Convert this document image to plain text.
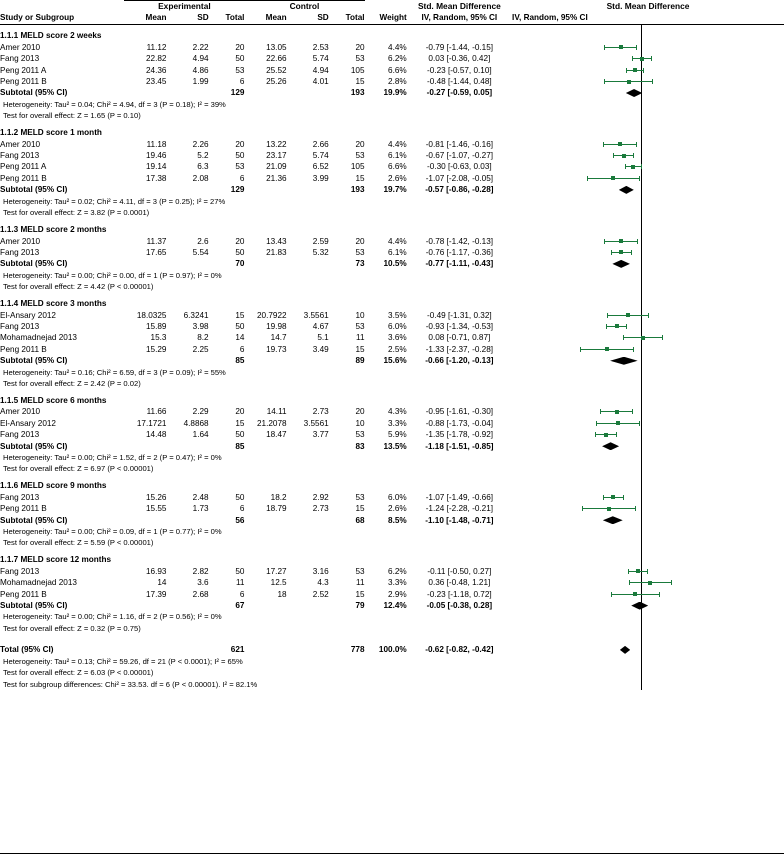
	Experimental			Control				Std. Mean Difference	Std. Mean Difference
Study or Subgroup	Mean	SD	Total	Mean	SD	Total	Weight	IV, Random, 95% CI	IV, Random, 95% CI
1.1.1 MELD score 2 weeks									

Amer 2010	11.12	2.22	20	13.05	2.53	20	4.4%	-0.79 [-1.44, -0.15]	

Fang 2013	22.82	4.94	50	22.66	5.74	53	6.2%	0.03 [-0.36, 0.42]	

Peng 2011 A	24.36	4.86	53	25.52	4.94	105	6.6%	-0.23 [-0.57, 0.10]	

Peng 2011 B	23.45	1.99	6	25.26	4.01	15	2.8%	-0.48 [-1.44, 0.48]	

Subtotal (95% CI)			129			193	19.9%	-0.27 [-0.59, 0.05]	

Heterogeneity: Tau² = 0.04; Chi² = 4.94, df = 3 (P = 0.18); I² = 39%									

Test for overall effect: Z = 1.65 (P = 0.10)									

1.1.2 MELD score 1 month									

Amer 2010	11.18	2.26	20	13.22	2.66	20	4.4%	-0.81 [-1.46, -0.16]	

Fang 2013	19.46	5.2	50	23.17	5.74	53	6.1%	-0.67 [-1.07, -0.27]	

Peng 2011 A	19.14	6.3	53	21.09	6.52	105	6.6%	-0.30 [-0.63, 0.03]	

Peng 2011 B	17.38	2.08	6	21.36	3.99	15	2.6%	-1.07 [-2.08, -0.05]	

Subtotal (95% CI)			129			193	19.7%	-0.57 [-0.86, -0.28]	

Heterogeneity: Tau² = 0.02; Chi² = 4.11, df = 3 (P = 0.25); I² = 27%									

Test for overall effect: Z = 3.82 (P = 0.0001)									

1.1.3 MELD score 2 months									

Amer 2010	11.37	2.6	20	13.43	2.59	20	4.4%	-0.78 [-1.42, -0.13]	

Fang 2013	17.65	5.54	50	21.83	5.32	53	6.1%	-0.76 [-1.17, -0.36]	

Subtotal (95% CI)			70			73	10.5%	-0.77 [-1.11, -0.43]	

Heterogeneity: Tau² = 0.00; Chi² = 0.00, df = 1 (P = 0.97); I² = 0%									

Test for overall effect: Z = 4.42 (P < 0.00001)									

1.1.4 MELD score 3 months									

El-Ansary 2012	18.0325	6.3241	15	20.7922	3.5561	10	3.5%	-0.49 [-1.31, 0.32]	

Fang 2013	15.89	3.98	50	19.98	4.67	53	6.0%	-0.93 [-1.34, -0.53]	

Mohamadnejad 2013	15.3	8.2	14	14.7	5.1	11	3.6%	0.08 [-0.71, 0.87]	

Peng 2011 B	15.29	2.25	6	19.73	3.49	15	2.5%	-1.33 [-2.37, -0.28]	

Subtotal (95% CI)			85			89	15.6%	-0.66 [-1.20, -0.13]	

Heterogeneity: Tau² = 0.16; Chi² = 6.59, df = 3 (P = 0.09); I² = 55%									

Test for overall effect: Z = 2.42 (P = 0.02)									

1.1.5 MELD score 6 months									

Amer 2010	11.66	2.29	20	14.11	2.73	20	4.3%	-0.95 [-1.61, -0.30]	

El-Ansary 2012	17.1721	4.8868	15	21.2078	3.5561	10	3.3%	-0.88 [-1.73, -0.04]	

Fang 2013	14.48	1.64	50	18.47	3.77	53	5.9%	-1.35 [-1.78, -0.92]	

Subtotal (95% CI)			85			83	13.5%	-1.18 [-1.51, -0.85]	

Heterogeneity: Tau² = 0.00; Chi² = 1.52, df = 2 (P = 0.47); I² = 0%									

Test for overall effect: Z = 6.97 (P < 0.00001)									

1.1.6 MELD score 9 months									

Fang 2013	15.26	2.48	50	18.2	2.92	53	6.0%	-1.07 [-1.49, -0.66]	

Peng 2011 B	15.55	1.73	6	18.79	2.73	15	2.6%	-1.24 [-2.28, -0.21]	

Subtotal (95% CI)			56			68	8.5%	-1.10 [-1.48, -0.71]	

Heterogeneity: Tau² = 0.00; Chi² = 0.09, df = 1 (P = 0.77); I² = 0%									

Test for overall effect: Z = 5.59 (P < 0.00001)									

1.1.7 MELD score 12 months									

Fang 2013	16.93	2.82	50	17.27	3.16	53	6.2%	-0.11 [-0.50, 0.27]	

Mohamadnejad 2013	14	3.6	11	12.5	4.3	11	3.3%	0.36 [-0.48, 1.21]	

Peng 2011 B	17.39	2.68	6	18	2.52	15	2.9%	-0.23 [-1.18, 0.72]	

Subtotal (95% CI)			67			79	12.4%	-0.05 [-0.38, 0.28]	

Heterogeneity: Tau² = 0.00; Chi² = 1.16, df = 2 (P = 0.56); I² = 0%									

Test for overall effect: Z = 0.32 (P = 0.75)									

Total (95% CI)			621			778	100.0%	-0.62 [-0.82, -0.42]	

Heterogeneity: Tau² = 0.13; Chi² = 59.26, df = 21 (P < 0.0001); I² = 65%									

Test for overall effect: Z = 6.03 (P < 0.00001)									

Test for subgroup differences: Chi² = 33.53. df = 6 (P < 0.00001). I² = 82.1%									
